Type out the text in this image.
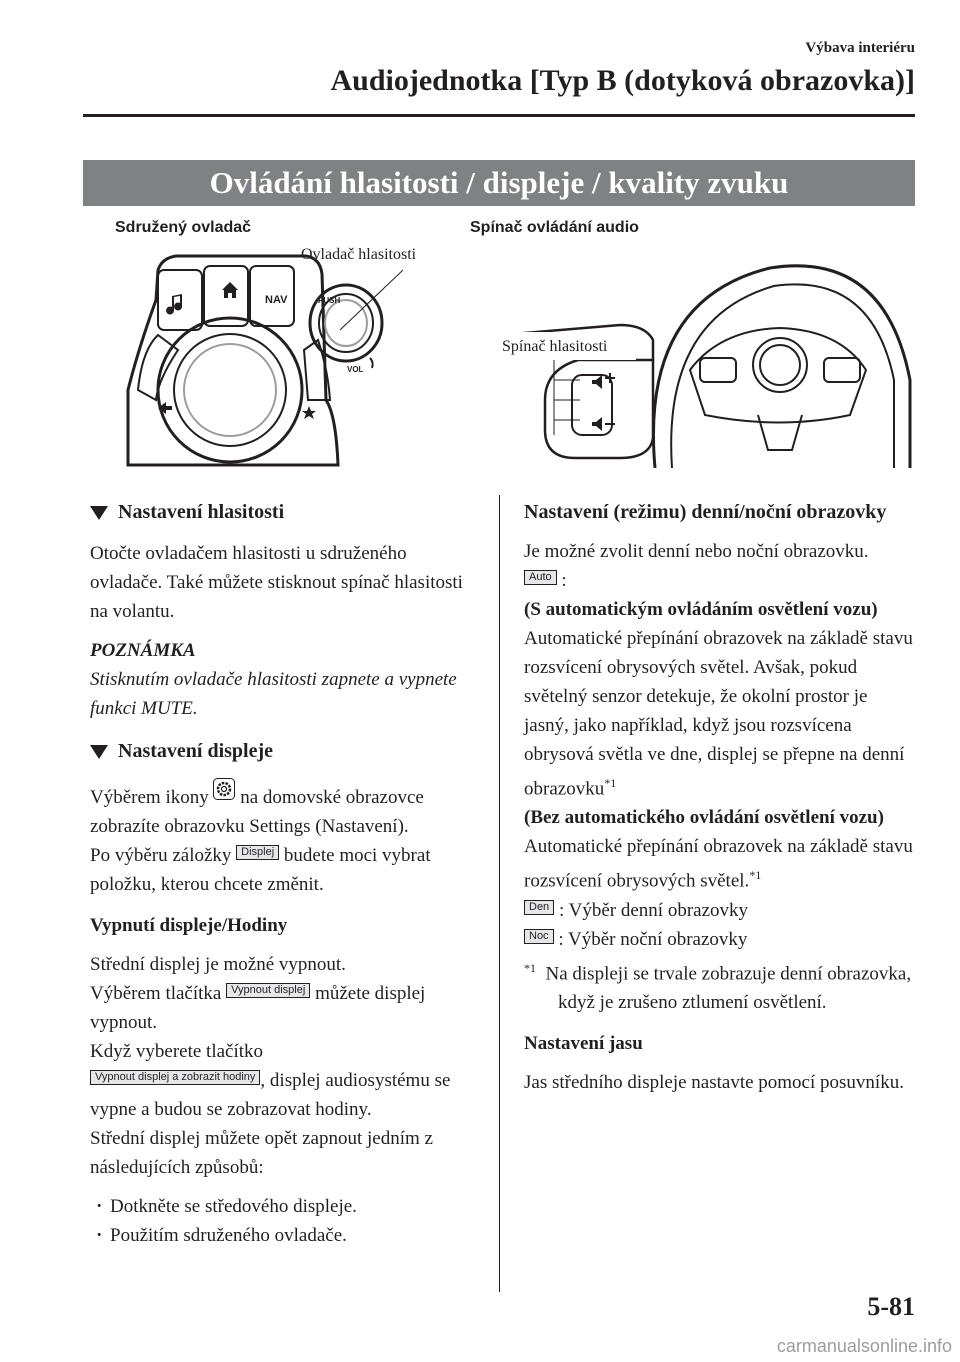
Výbava interiéru
Audiojednotka [Typ B (dotyková obrazovka)]
Ovládání hlasitosti / displeje / kvality zvuku
Sdružený ovladač
Ovladač hlasitosti
NAV	PUSH
VOL
Spínač ovládání audio
Spínač hlasitosti

Nastavení hlasitosti

Otočte ovladačem hlasitosti u sdruženého ovladače. Také můžete stisknout spínač hlasitosti na volantu.

POZNÁMKA

Stisknutím ovladače hlasitosti zapnete a vypnete funkci MUTE.

Nastavení displeje

Výběrem ikony na domovské obrazovce zobrazíte obrazovku Settings (Nastavení).

Po výběru záložky Displej budete moci vybrat položku, kterou chcete změnit.

Vypnutí displeje/Hodiny

Střední displej je možné vypnout.

Výběrem tlačítka Vypnout displej můžete displej vypnout.

Když vyberete tlačítko

Vypnout displej a zobrazit hodiny , displej audiosystému se vypne a budou se zobrazovat hodiny.

Střední displej můžete opět zapnout jedním z následujících způsobů:

· Dotkněte se středového displeje.
· Použitím sdruženého ovladače.

Nastavení (režimu) denní/noční obrazovky

Je možné zvolit denní nebo noční obrazovku.

Auto :

(S automatickým ovládáním osvětlení vozu)

Automatické přepínání obrazovek na základě stavu rozsvícení obrysových světel. Avšak, pokud světelný senzor detekuje, že okolní prostor je jasný, jako například, když jsou rozsvícena obrysová světla ve dne, displej se přepne na denní obrazovku$^{*1}$

(Bez automatického ovládání osvětlení vozu)

Automatické přepínání obrazovek na základě stavu rozsvícení obrysových světel.$^{*1}$

Den : Výběr denní obrazovky

Noc : Výběr noční obrazovky

$^{*1}$ Na displeji se trvale zobrazuje denní obrazovka, když je zrušeno ztlumení osvětlení.

Nastavení jasu

Jas středního displeje nastavte pomocí posuvníku.

5-81
carmanualsonline.info
